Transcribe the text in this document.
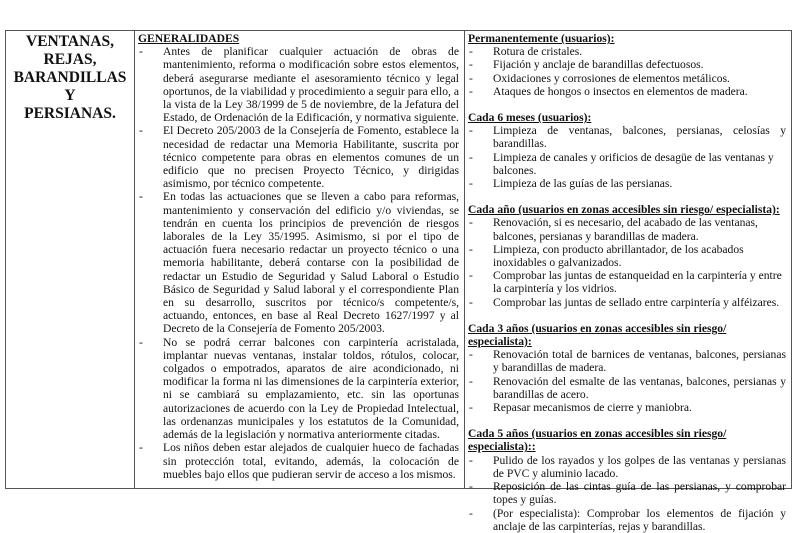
VENTANAS,

REJAS,

BARANDILLAS Y

PERSIANAS.

GENERALIDADES

- Antes de planificar cualquier actuación de obras de mantenimiento, reforma o modificación sobre estos elementos, deberá asegurarse mediante el asesoramiento técnico y legal oportunos, de la viabilidad y procedimiento a seguir para ello, a la vista de la Ley 38/1999 de 5 de noviembre, de la Jefatura del Estado, de Ordenación de la Edificación, y normativa siguiente.
- El Decreto 205/2003 de la Consejería de Fomento, establece la necesidad de redactar una Memoria Habilitante, suscrita por técnico competente para obras en elementos comunes de un edificio que no precisen Proyecto Técnico, y dirigidas asimismo, por técnico competente.
- En todas las actuaciones que se lleven a cabo para reformas, mantenimiento y conservación del edificio y/o viviendas, se tendrán en cuenta los principios de prevención de riesgos laborales de la Ley 35/1995. Asimismo, si por el tipo de actuación fuera necesario redactar un proyecto técnico o una memoria habilitante, deberá contarse con la posibilidad de redactar un Estudio de Seguridad y Salud Laboral o Estudio Básico de Seguridad y Salud laboral y el correspondiente Plan en su desarrollo, suscritos por técnico/s competente/s, actuando, entonces, en base al Real Decreto 1627/1997 y al Decreto de la Consejería de Fomento 205/2003.
- No se podrá cerrar balcones con carpintería acristalada, implantar nuevas ventanas, instalar toldos, rótulos, colocar, colgados o empotrados, aparatos de aire acondicionado, ni modificar la forma ni las dimensiones de la carpintería exterior, ni se cambiará su emplazamiento, etc. sin las oportunas autorizaciones de acuerdo con la Ley de Propiedad Intelectual, las ordenanzas municipales y los estatutos de la Comunidad, además de la legislación y normativa anteriormente citadas.
- Los niños deben estar alejados de cualquier hueco de fachadas sin protección total, evitando, además, la colocación de muebles bajo ellos que pudieran servir de acceso a los mismos.

Permanentemente (usuarios):

- Rotura de cristales.
- Fijación y anclaje de barandillas defectuosos.
- Oxidaciones y corrosiones de elementos metálicos.
- Ataques de hongos o insectos en elementos de madera.

Cada 6 meses (usuarios):

- Limpieza de ventanas, balcones, persianas, celosías y barandillas.
- Limpieza de canales y orificios de desagüe de las ventanas y balcones.
- Limpieza de las guías de las persianas.

Cada año (usuarios en zonas accesibles sin riesgo/ especialista):

- Renovación, si es necesario, del acabado de las ventanas, balcones, persianas y barandillas de madera.
- Limpieza, con producto abrillantador, de los acabados inoxidables o galvanizados.
- Comprobar las juntas de estanqueidad en la carpintería y entre la carpintería y los vidrios.
- Comprobar las juntas de sellado entre carpintería y alféizares.

Cada 3 años (usuarios en zonas accesibles sin riesgo/ especialista):

- Renovación total de barnices de ventanas, balcones, persianas y barandillas de madera.
- Renovación del esmalte de las ventanas, balcones, persianas y barandillas de acero.
- Repasar mecanismos de cierre y maniobra.

Cada 5 años (usuarios en zonas accesibles sin riesgo/ especialista)::

- Pulido de los rayados y los golpes de las ventanas y persianas de PVC y aluminio lacado.
- Reposición de las cintas guía de las persianas, y comprobar topes y guías.
- (Por especialista): Comprobar los elementos de fijación y anclaje de las carpinterías, rejas y barandillas.
